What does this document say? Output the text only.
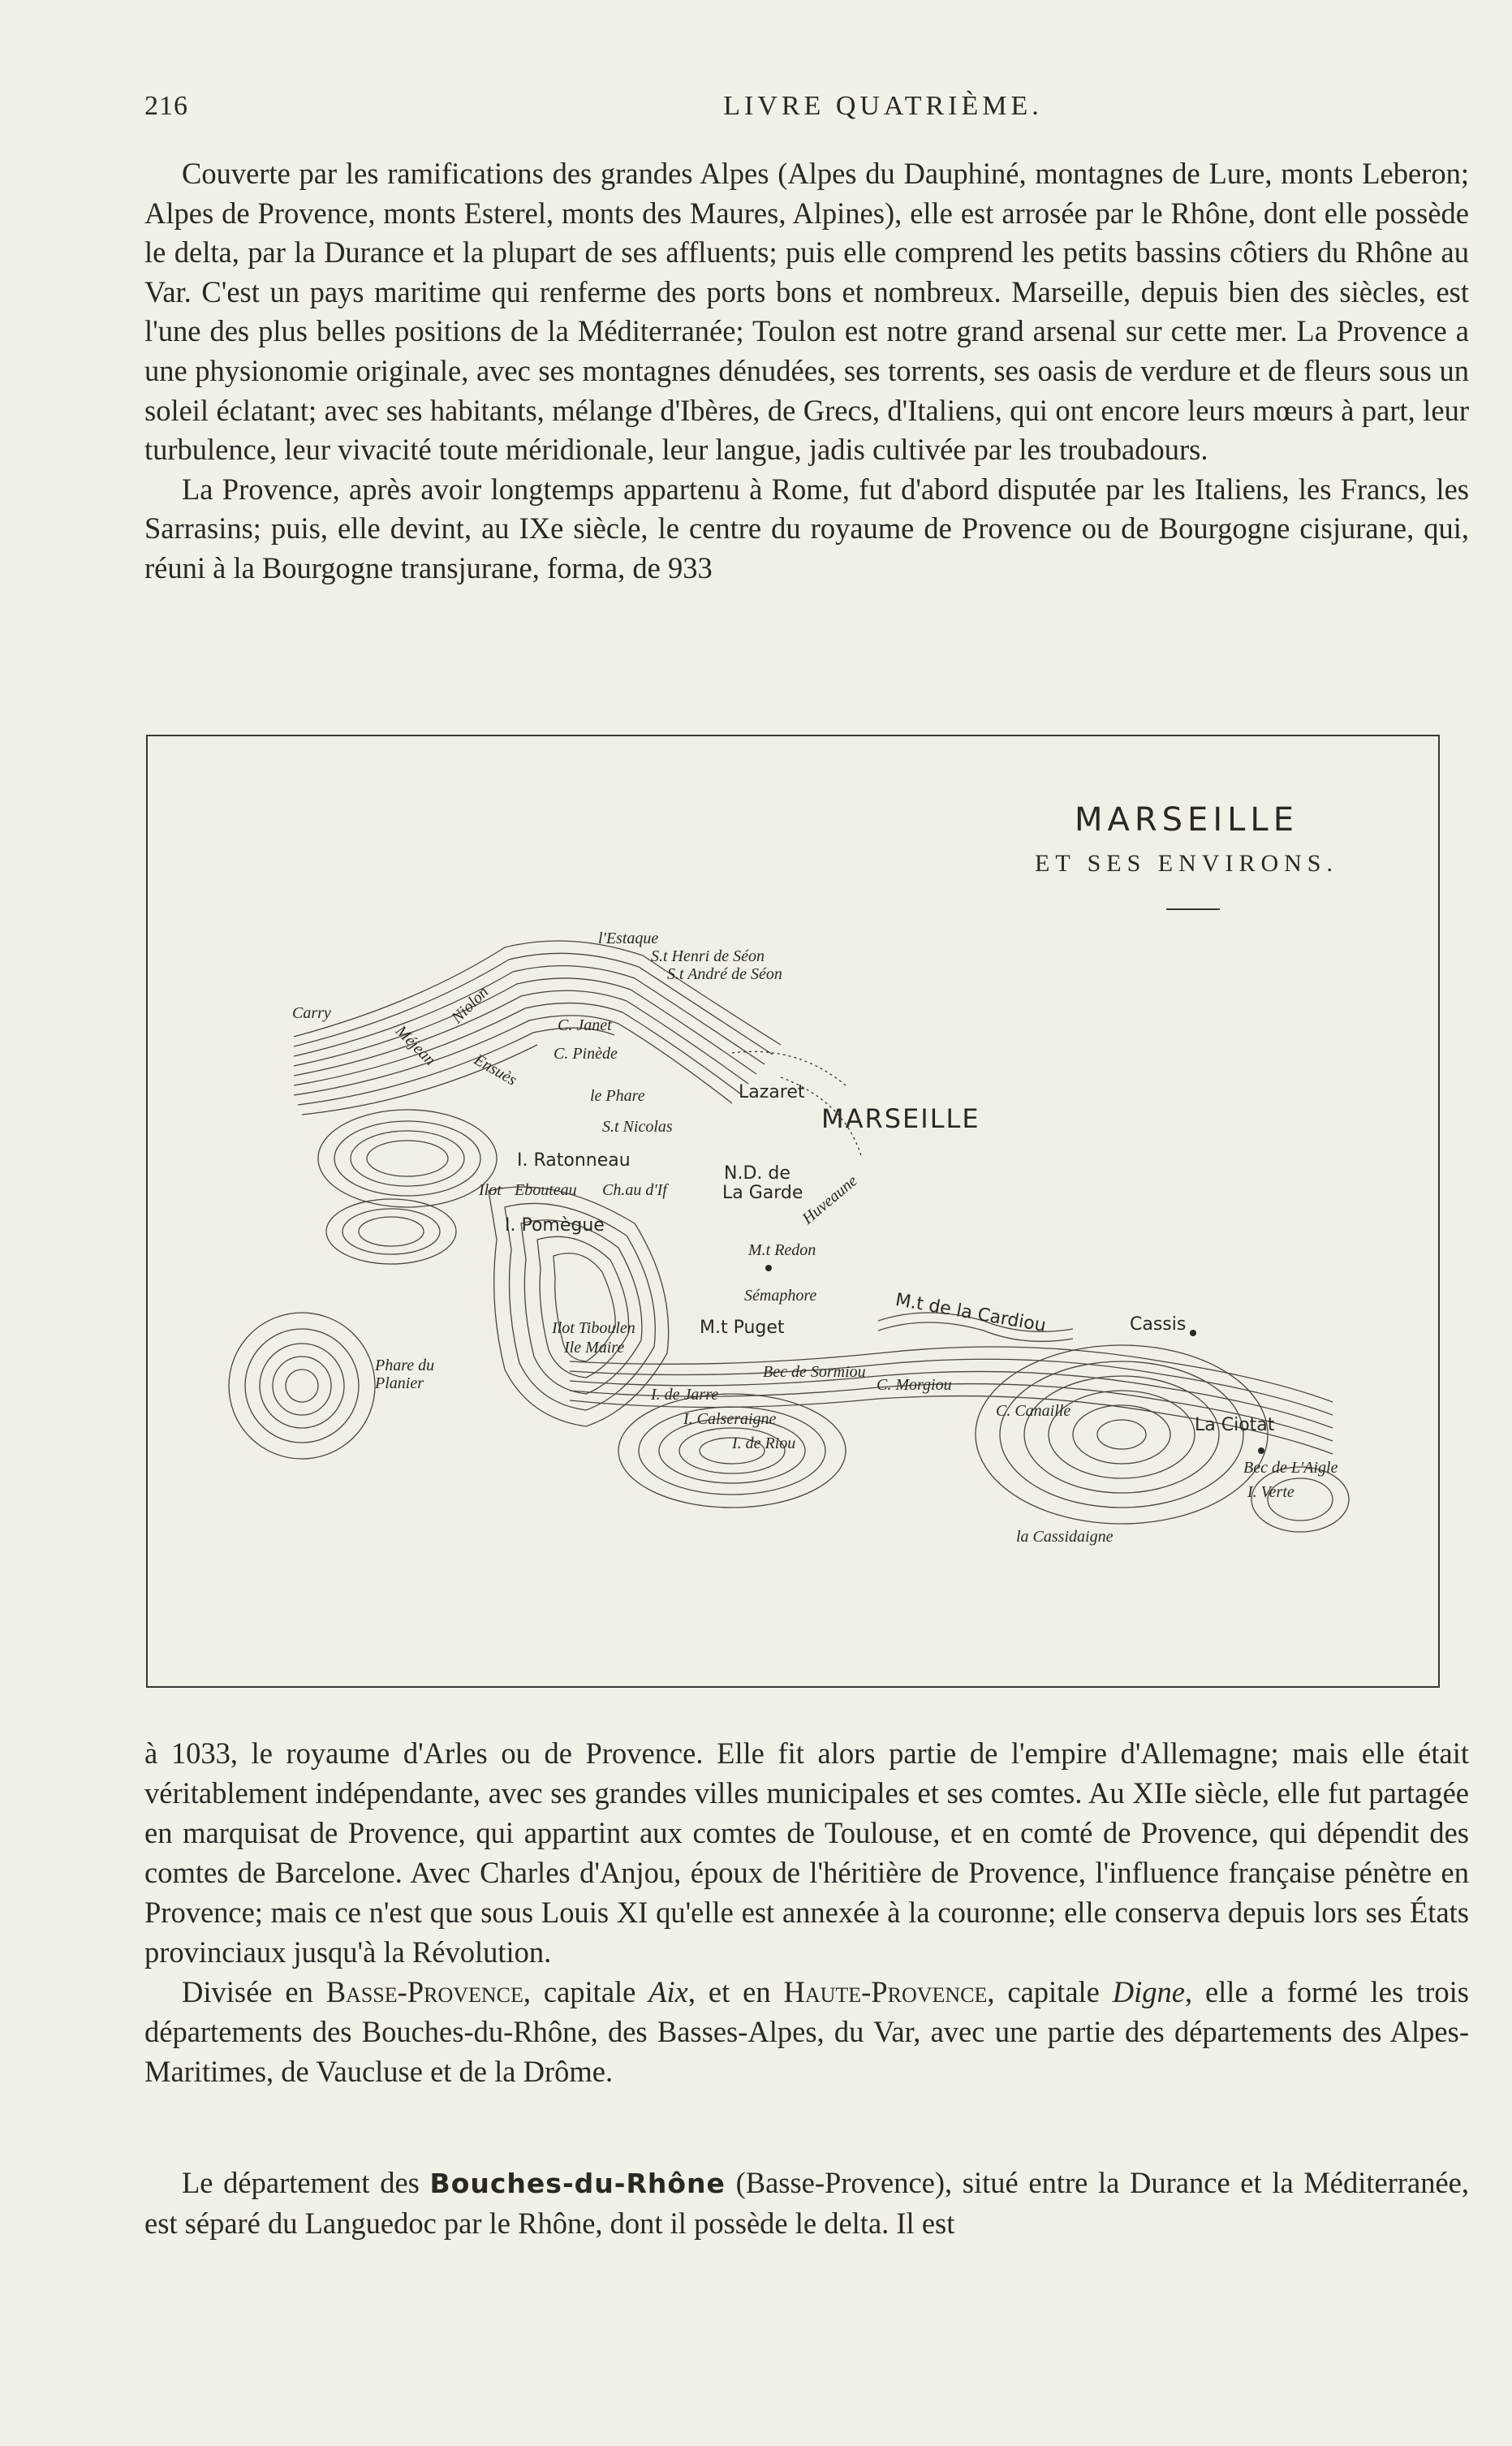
216	LIVRE QUATRIÈME.

Couverte par les ramifications des grandes Alpes (Alpes du Dauphiné, montagnes de Lure, monts Leberon; Alpes de Provence, monts Esterel, monts des Maures, Alpines), elle est arrosée par le Rhône, dont elle possède le delta, par la Durance et la plupart de ses affluents; puis elle comprend les petits bassins côtiers du Rhône au Var. C'est un pays maritime qui renferme des ports bons et nombreux. Marseille, depuis bien des siècles, est l'une des plus belles positions de la Méditerranée; Toulon est notre grand arsenal sur cette mer. La Provence a une physionomie originale, avec ses montagnes dénudées, ses torrents, ses oasis de verdure et de fleurs sous un soleil éclatant; avec ses habitants, mélange d'Ibères, de Grecs, d'Italiens, qui ont encore leurs mœurs à part, leur turbulence, leur vivacité toute méridionale, leur langue, jadis cultivée par les troubadours.

La Provence, après avoir longtemps appartenu à Rome, fut d'abord disputée par les Italiens, les Francs, les Sarrasins; puis, elle devint, au IXe siècle, le centre du royaume de Provence ou de Bourgogne cisjurane, qui, réuni à la Bourgogne transjurane, forma, de 933

MARSEILLE
ET SES ENVIRONS.
l'Estaque
S.t Henri de Séon
S.t André de Séon
Carry	Niolon
Méjean
Ensuès
C. Janet
C. Pinède
le Phare	Lazaret
S.t Nicolas	MARSEILLE
I. Ratonneau
Ilot Ebouteau Ch.au d'If
N.D. de
La Garde
Huveaune
I. Pomègue
M.t Redon
Sémaphore
M.t Puget
Ilot Tiboulen
Ile Maire
Phare du Planier
M.t de la Cardiou	Cassis
Bec de Sormiou
C. Morgiou
I. de Jarre
I. Calseraigne
I. de Riou
C. Canaille
La Ciotat
Bec de L'Aigle
I. Verte
la Cassidaigne

à 1033, le royaume d'Arles ou de Provence. Elle fit alors partie de l'empire d'Allemagne; mais elle était véritablement indépendante, avec ses grandes villes municipales et ses comtes. Au XIIe siècle, elle fut partagée en marquisat de Provence, qui appartint aux comtes de Toulouse, et en comté de Provence, qui dépendit des comtes de Barcelone. Avec Charles d'Anjou, époux de l'héritière de Provence, l'influence française pénètre en Provence; mais ce n'est que sous Louis XI qu'elle est annexée à la couronne; elle conserva depuis lors ses États provinciaux jusqu'à la Révolution.

Divisée en Basse-Provence, capitale Aix, et en Haute-Provence, capitale Digne, elle a formé les trois départements des Bouches-du-Rhône, des Basses-Alpes, du Var, avec une partie des départements des Alpes-Maritimes, de Vaucluse et de la Drôme.

Le département des Bouches-du-Rhône (Basse-Provence), situé entre la Durance et la Méditerranée, est séparé du Languedoc par le Rhône, dont il possède le delta. Il est
